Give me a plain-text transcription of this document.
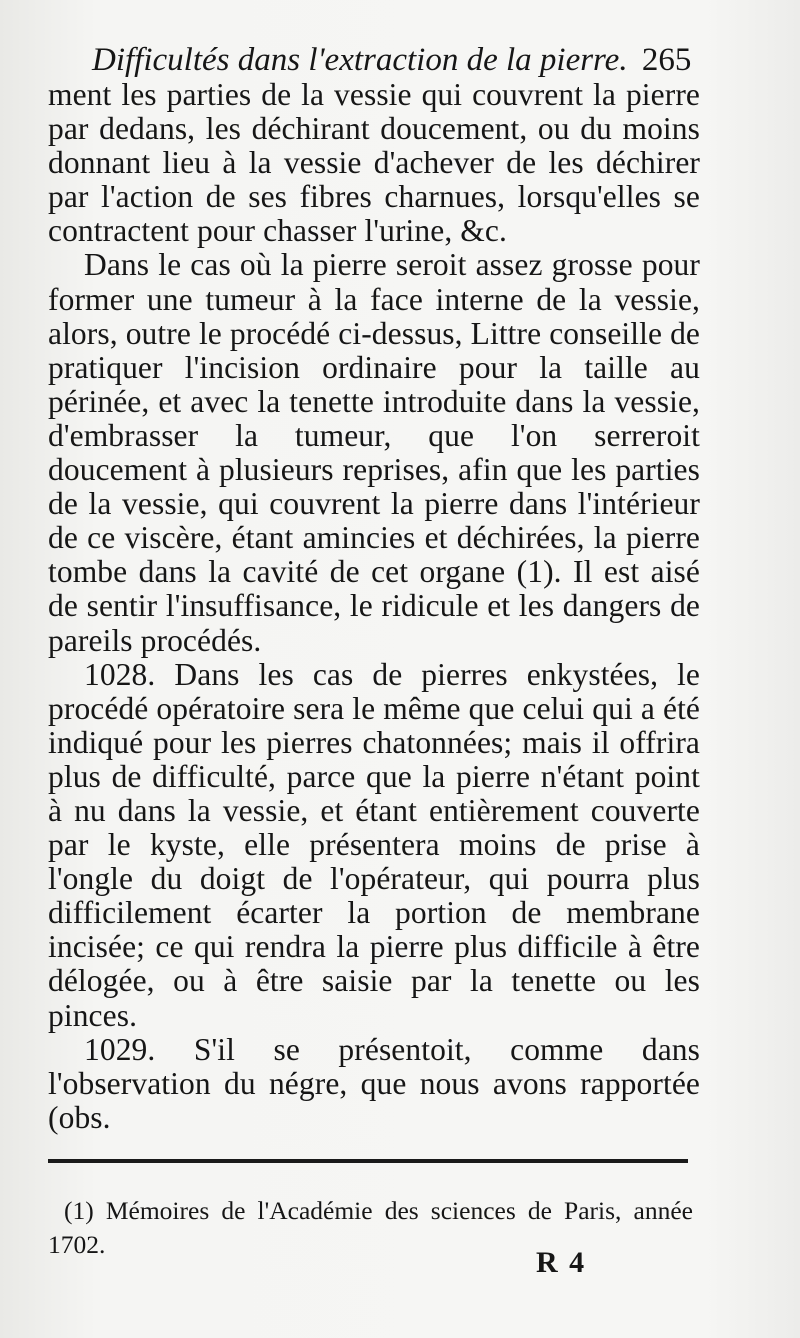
Difficultés dans l'extraction de la pierre. 265

ment les parties de la vessie qui couvrent la pierre par dedans, les déchirant doucement, ou du moins donnant lieu à la vessie d'achever de les déchirer par l'action de ses fibres charnues, lorsqu'elles se contractent pour chasser l'urine, &c.

Dans le cas où la pierre seroit assez grosse pour former une tumeur à la face interne de la vessie, alors, outre le procédé ci-dessus, Littre conseille de pratiquer l'incision ordinaire pour la taille au périnée, et avec la tenette introduite dans la vessie, d'embrasser la tumeur, que l'on serreroit doucement à plusieurs reprises, afin que les parties de la vessie, qui couvrent la pierre dans l'intérieur de ce viscère, étant amincies et déchirées, la pierre tombe dans la cavité de cet organe (1). Il est aisé de sentir l'insuffisance, le ridicule et les dangers de pareils procédés.

1028. Dans les cas de pierres enkystées, le procédé opératoire sera le même que celui qui a été indiqué pour les pierres chatonnées; mais il offrira plus de difficulté, parce que la pierre n'étant point à nu dans la vessie, et étant entièrement couverte par le kyste, elle présentera moins de prise à l'ongle du doigt de l'opérateur, qui pourra plus difficilement écarter la portion de membrane incisée; ce qui rendra la pierre plus difficile à être délogée, ou à être saisie par la tenette ou les pinces.

1029. S'il se présentoit, comme dans l'observation du négre, que nous avons rapportée (obs.

(1) Mémoires de l'Académie des sciences de Paris, année 1702.

R 4
